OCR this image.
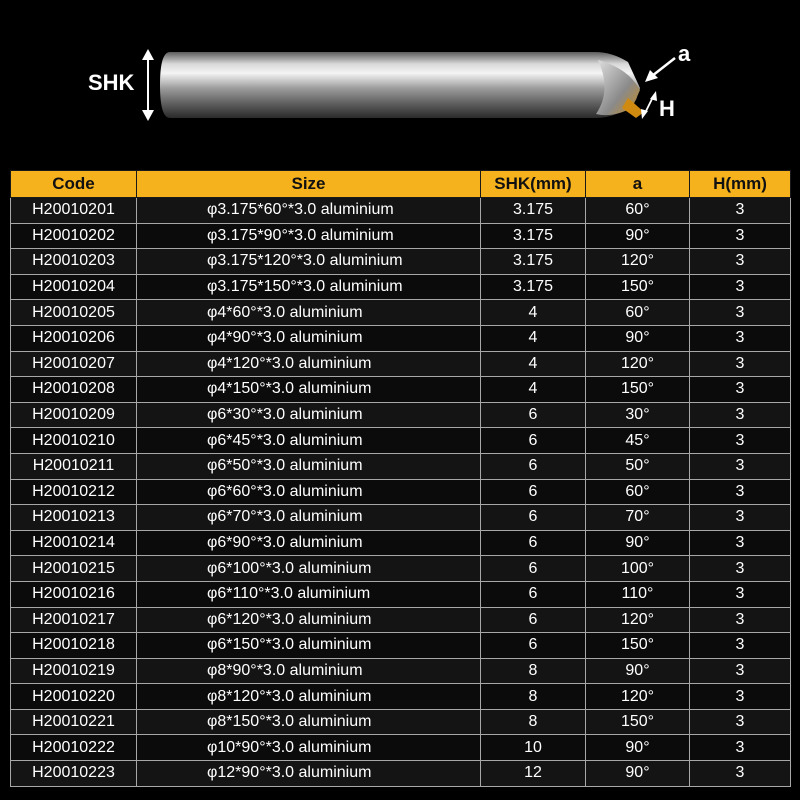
SHK
a
H
Code	Size	SHK(mm)	a	H(mm)
H20010201	φ3.175*60°*3.0 aluminium	3.175	60°	3
H20010202	φ3.175*90°*3.0 aluminium	3.175	90°	3
H20010203	φ3.175*120°*3.0 aluminium	3.175	120°	3
H20010204	φ3.175*150°*3.0 aluminium	3.175	150°	3
H20010205	φ4*60°*3.0 aluminium	4	60°	3
H20010206	φ4*90°*3.0 aluminium	4	90°	3
H20010207	φ4*120°*3.0 aluminium	4	120°	3
H20010208	φ4*150°*3.0 aluminium	4	150°	3
H20010209	φ6*30°*3.0 aluminium	6	30°	3
H20010210	φ6*45°*3.0 aluminium	6	45°	3
H20010211	φ6*50°*3.0 aluminium	6	50°	3
H20010212	φ6*60°*3.0 aluminium	6	60°	3
H20010213	φ6*70°*3.0 aluminium	6	70°	3
H20010214	φ6*90°*3.0 aluminium	6	90°	3
H20010215	φ6*100°*3.0 aluminium	6	100°	3
H20010216	φ6*110°*3.0 aluminium	6	110°	3
H20010217	φ6*120°*3.0 aluminium	6	120°	3
H20010218	φ6*150°*3.0 aluminium	6	150°	3
H20010219	φ8*90°*3.0 aluminium	8	90°	3
H20010220	φ8*120°*3.0 aluminium	8	120°	3
H20010221	φ8*150°*3.0 aluminium	8	150°	3
H20010222	φ10*90°*3.0 aluminium	10	90°	3
H20010223	φ12*90°*3.0 aluminium	12	90°	3
